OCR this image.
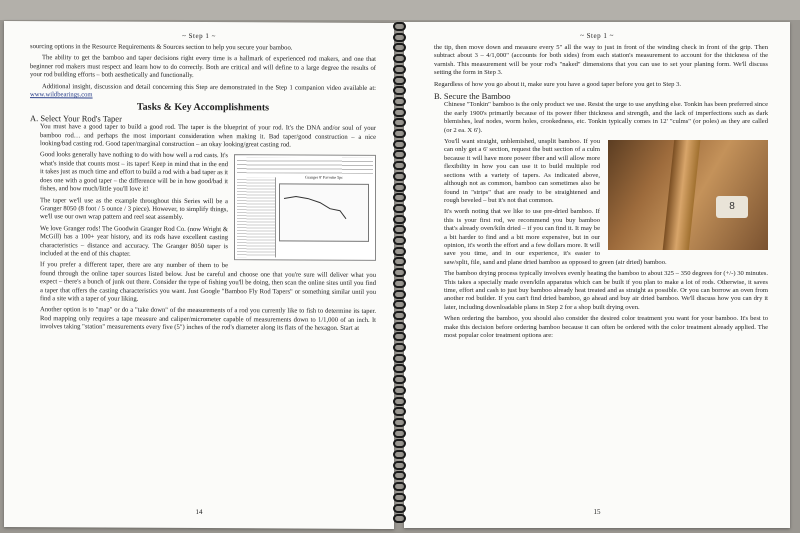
~ Step 1 ~

sourcing options in the Resource Requirements & Sources section to help you secure your bamboo.

The ability to get the bamboo and taper decisions right every time is a hallmark of experienced rod makers, and one that beginner rod makers must respect and learn how to do correctly. Both are critical and will define to a large degree the results of your rod building efforts – both aesthetically and functionally.

Additional insight, discussion and detail concerning this Step are demonstrated in the Step 1 companion video available at: www.wildbearings.com

Tasks & Key Accomplishments
A. Select Your Rod's Taper

You must have a good taper to build a good rod. The taper is the blueprint of your rod. It's the DNA and/or soul of your bamboo rod… and perhaps the most important consideration when making it. Bad taper/good construction – a nice looking/bad casting rod. Good taper/marginal construction – an okay looking/great casting rod.

Granger 8' Favorite 5pc

Good looks generally have nothing to do with how well a rod casts. It's what's inside that counts most – its taper! Keep in mind that in the end it takes just as much time and effort to build a rod with a bad taper as it does one with a good taper – the difference will be in how good/bad it fishes, and how much/little you'll love it!

The taper we'll use as the example throughout this Series will be a Granger 8050 (8 foot / 5 ounce / 3 piece). However, to simplify things, we'll use our own wrap pattern and reel seat assembly.

We love Granger rods! The Goodwin Granger Rod Co. (now Wright & McGill) has a 100+ year history, and its rods have excellent casting characteristics – distance and accuracy. The Granger 8050 taper is included at the end of this chapter.

If you prefer a different taper, there are any number of them to be found through the online taper sources listed below. Just be careful and choose one that you're sure will deliver what you expect – there's a bunch of junk out there. Consider the type of fishing you'll be doing, then scan the online sites until you find a taper that offers the casting characteristics you want. Just Google "Bamboo Fly Rod Tapers" or something similar until you find a site with a taper of your liking.

Another option is to "map" or do a "take down" of the measurements of a rod you currently like to fish to determine its taper. Rod mapping only requires a tape measure and caliper/micrometer capable of measurements down to 1/1,000 of an inch. It involves taking "station" measurements every five (5") inches of the rod's diameter along its flats of the hexagon. Start at

14
~ Step 1 ~

the tip, then move down and measure every 5" all the way to just in front of the winding check in front of the grip. Then subtract about 3 – 4/1,000" (accounts for both sides) from each station's measurement to account for the thickness of the varnish. This measurement will be your rod's "naked" dimensions that you can use to set your planing form. We'll discuss setting the form in Step 3.

Regardless of how you go about it, make sure you have a good taper before you get to Step 3.

B. Secure the Bamboo

Chinese "Tonkin" bamboo is the only product we use. Resist the urge to use anything else. Tonkin has been preferred since the early 1900's primarily because of its power fiber thickness and strength, and the lack of imperfections such as dark blemishes, leaf nodes, worm holes, crookedness, etc. Tonkin typically comes in 12' "culms" (or poles) as they are called (or 2 ea. X 6').

8

You'll want straight, unblemished, unsplit bamboo. If you can only get a 6' section, request the butt section of a culm because it will have more power fiber and will allow more flexibility in how you can use it to build multiple rod sections with a variety of tapers. As indicated above, although not as common, bamboo can sometimes also be found in "strips" that are ready to be straightened and rough beveled – but it's not that common.

It's worth noting that we like to use pre-dried bamboo. If this is your first rod, we recommend you buy bamboo that's already oven/kiln dried – if you can find it. It may be a bit harder to find and a bit more expensive, but in our opinion, it's worth the effort and a few dollars more. It will save you time, and in our experience, it's easier to saw/split, file, sand and plane dried bamboo as opposed to green (air dried) bamboo.

The bamboo drying process typically involves evenly heating the bamboo to about 325 – 350 degrees for (+/-) 30 minutes. This takes a specially made oven/kiln apparatus which can be built if you plan to make a lot of rods. Otherwise, it saves time, effort and cash to just buy bamboo already heat treated and as straight as possible. Or you can borrow an oven from another rod builder. If you can't find dried bamboo, go ahead and buy air dried bamboo. We'll discuss how you can dry it later, including downloadable plans in Step 2 for a shop built drying oven.

When ordering the bamboo, you should also consider the desired color treatment you want for your bamboo. It's best to make this decision before ordering bamboo because it can often be ordered with the color treatment already applied. The most popular color treatment options are:

15
